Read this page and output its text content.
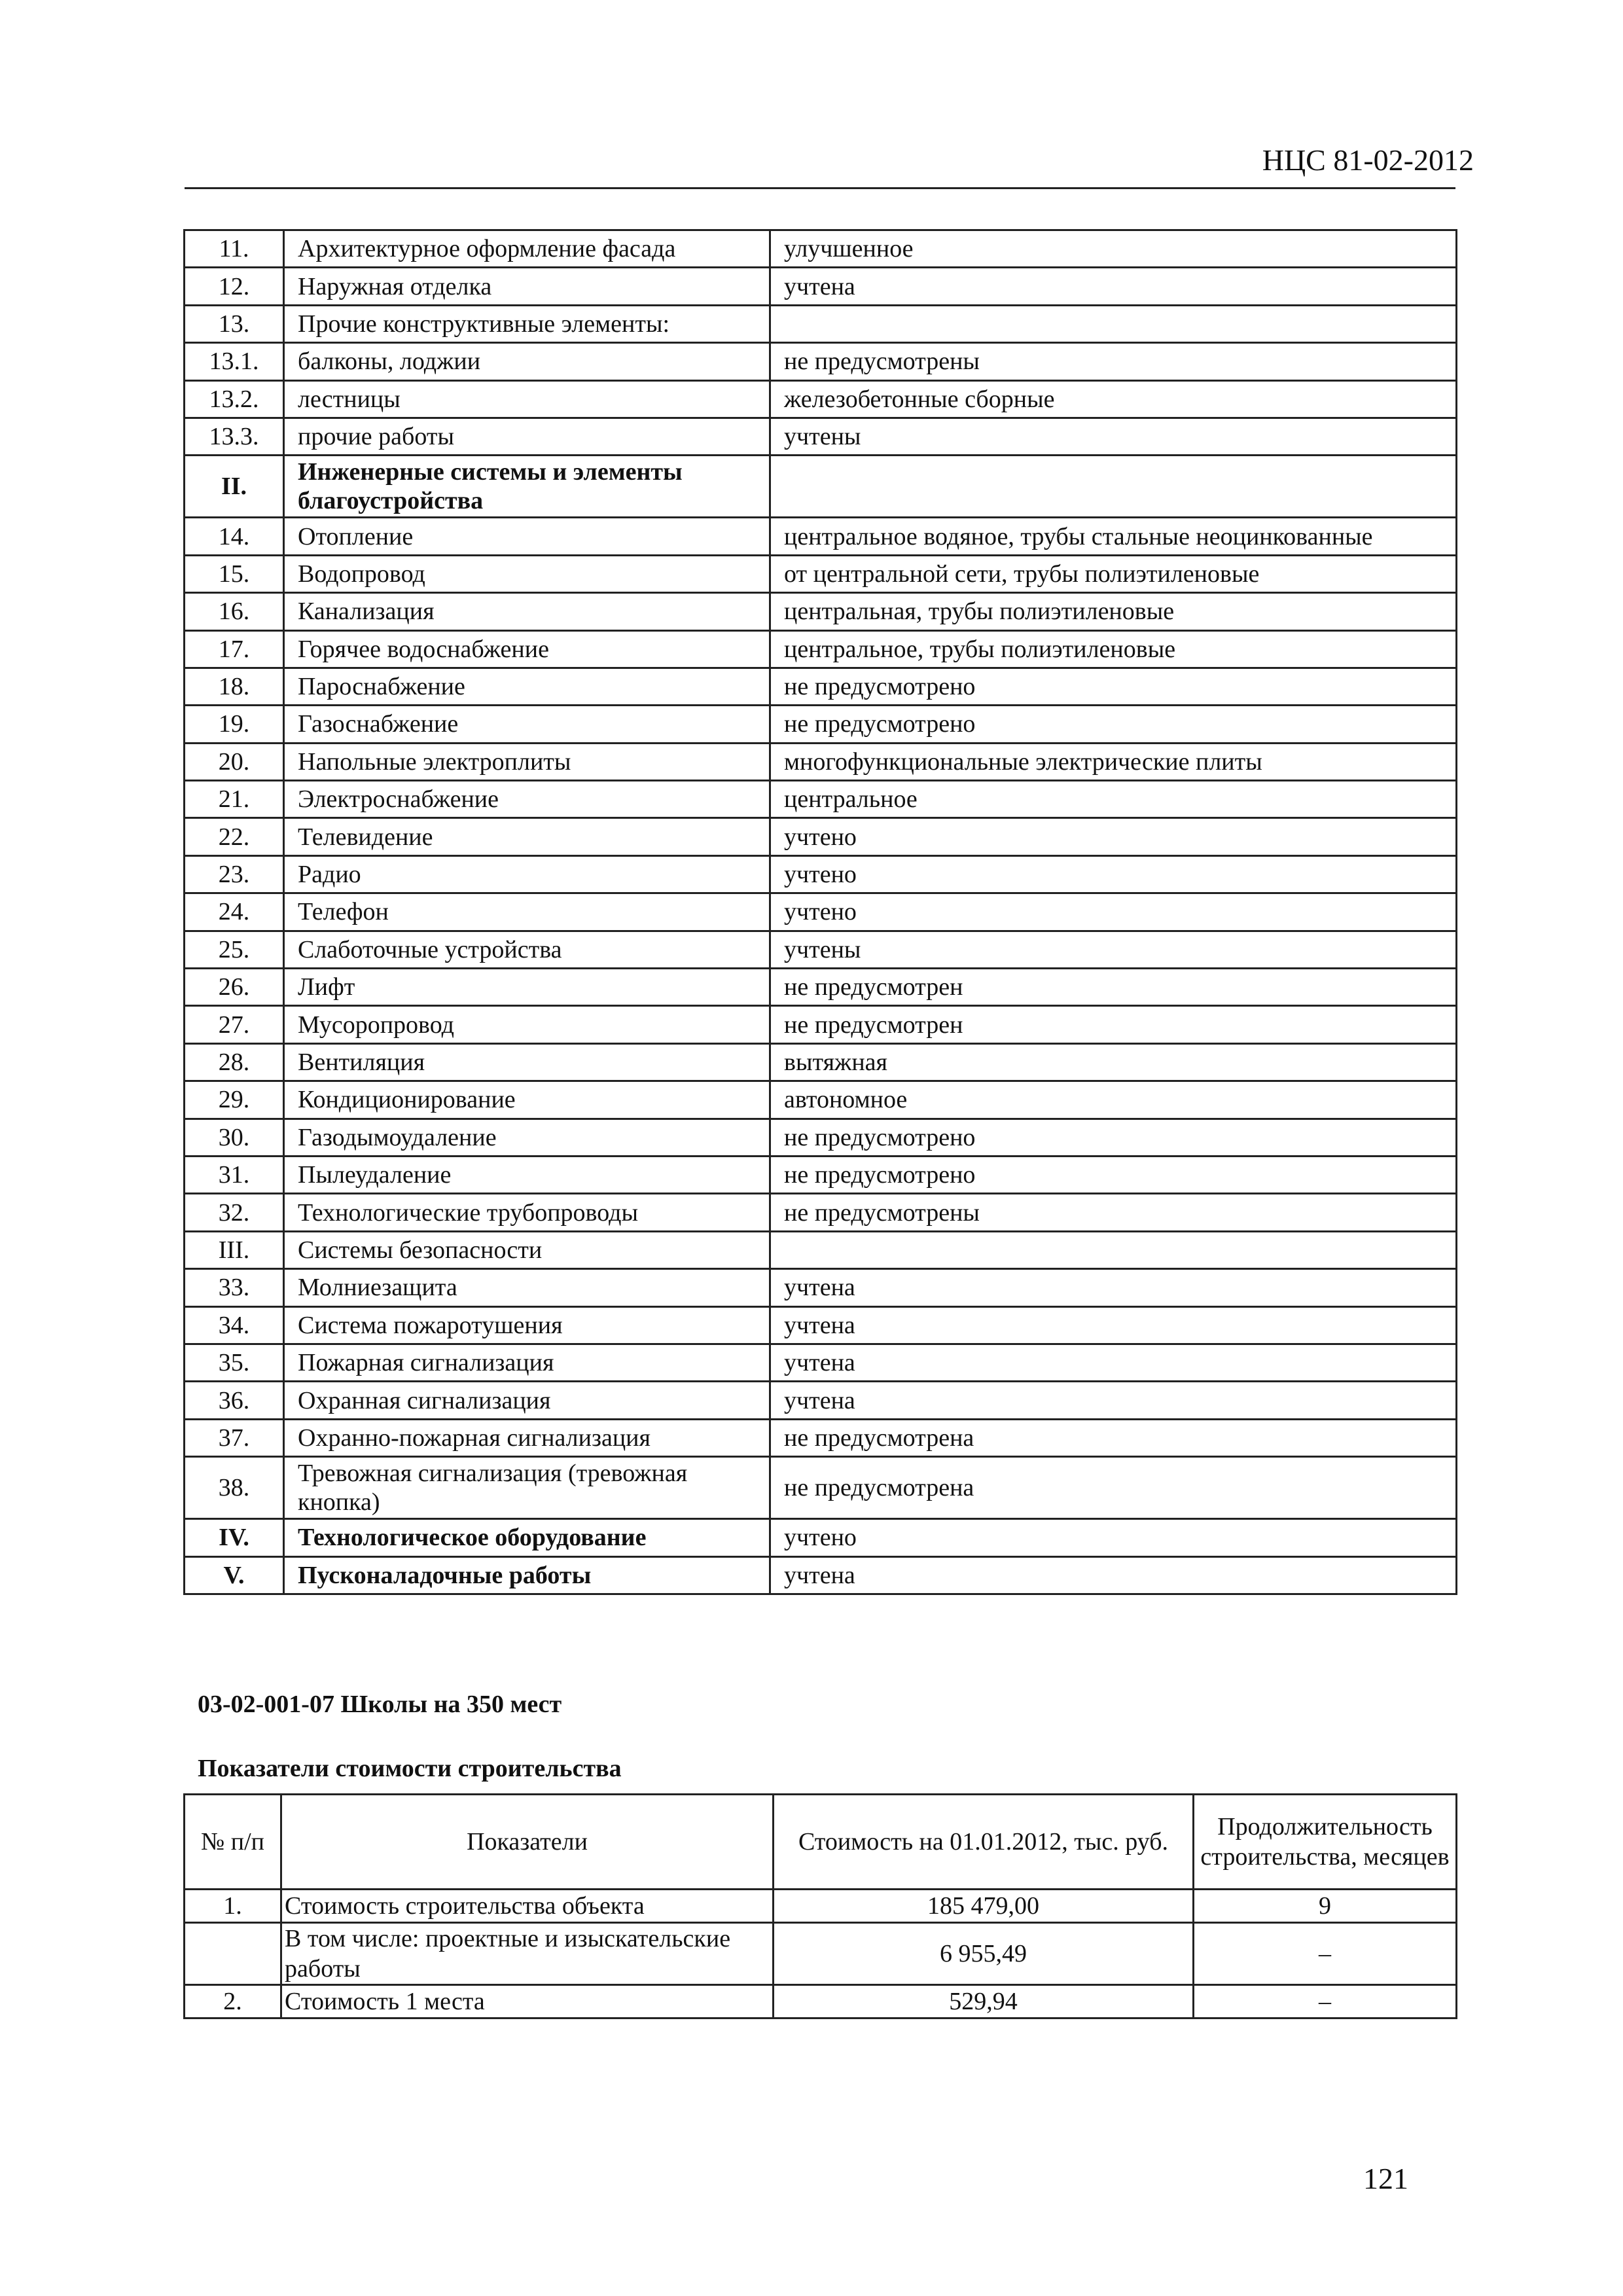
НЦС 81-02-2012
11.	Архитектурное оформление фасада	улучшенное
12.	Наружная отделка	учтена
13.	Прочие конструктивные элементы:	
13.1.	балконы, лоджии	не предусмотрены
13.2.	лестницы	железобетонные сборные
13.3.	прочие работы	учтены
II.	Инженерные системы и элементы благоустройства	
14.	Отопление	центральное водяное, трубы стальные неоцинкованные
15.	Водопровод	от центральной сети, трубы полиэтиленовые
16.	Канализация	центральная, трубы полиэтиленовые
17.	Горячее водоснабжение	центральное, трубы полиэтиленовые
18.	Пароснабжение	не предусмотрено
19.	Газоснабжение	не предусмотрено
20.	Напольные электроплиты	многофункциональные электрические плиты
21.	Электроснабжение	центральное
22.	Телевидение	учтено
23.	Радио	учтено
24.	Телефон	учтено
25.	Слаботочные устройства	учтены
26.	Лифт	не предусмотрен
27.	Мусоропровод	не предусмотрен
28.	Вентиляция	вытяжная
29.	Кондиционирование	автономное
30.	Газодымоудаление	не предусмотрено
31.	Пылеудаление	не предусмотрено
32.	Технологические трубопроводы	не предусмотрены
III.	Системы безопасности	
33.	Молниезащита	учтена
34.	Система пожаротушения	учтена
35.	Пожарная сигнализация	учтена
36.	Охранная сигнализация	учтена
37.	Охранно-пожарная сигнализация	не предусмотрена
38.	Тревожная сигнализация (тревожная кнопка)	не предусмотрена
IV.	Технологическое оборудование	учтено
V.	Пусконаладочные работы	учтена
03-02-001-07 Школы на 350 мест
Показатели стоимости строительства
№ п/п	Показатели	Стоимость на 01.01.2012, тыс. руб.	Продолжительность строительства, месяцев
1.	Стоимость строительства объекта	185 479,00	9
	В том числе: проектные и изыскательские работы	6 955,49	–
2.	Стоимость 1 места	529,94	–
121
